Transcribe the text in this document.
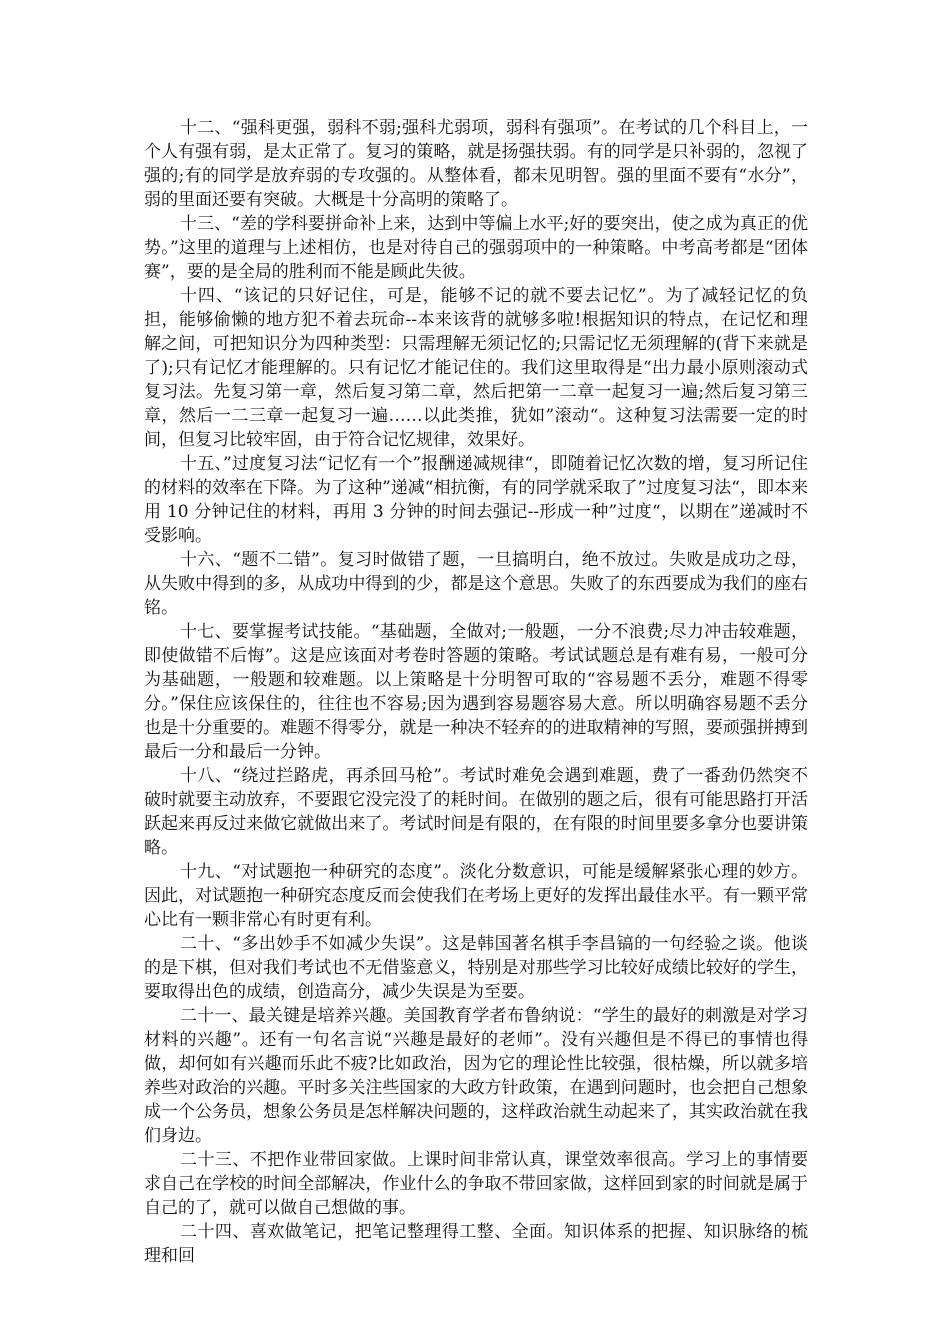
十二、“强科更强，弱科不弱;强科尤弱项，弱科有强项”。在考试的几个科目上，一个人有强有弱，是太正常了。复习的策略，就是扬强扶弱。有的同学是只补弱的，忽视了强的;有的同学是放弃弱的专攻强的。从整体看，都未见明智。强的里面不要有“水分”，弱的里面还要有突破。大概是十分高明的策略了。

十三、“差的学科要拼命补上来，达到中等偏上水平;好的要突出，使之成为真正的优势。”这里的道理与上述相仿，也是对待自己的强弱项中的一种策略。中考高考都是“团体赛”，要的是全局的胜利而不能是顾此失彼。

十四、“该记的只好记住，可是，能够不记的就不要去记忆”。为了减轻记忆的负担，能够偷懒的地方犯不着去玩命--本来该背的就够多啦!根据知识的特点，在记忆和理解之间，可把知识分为四种类型：只需理解无须记忆的;只需记忆无须理解的(背下来就是了);只有记忆才能理解的。只有记忆才能记住的。我们这里取得是“出力最小原则滚动式复习法。先复习第一章，然后复习第二章，然后把第一二章一起复习一遍;然后复习第三章，然后一二三章一起复习一遍……以此类推，犹如”滚动“。这种复习法需要一定的时间，但复习比较牢固，由于符合记忆规律，效果好。

十五、”过度复习法“记忆有一个”报酬递减规律“，即随着记忆次数的增，复习所记住的材料的效率在下降。为了这种”递减“相抗衡，有的同学就采取了”过度复习法“，即本来用 10 分钟记住的材料，再用 3 分钟的时间去强记--形成一种”过度“，以期在”递减时不受影响。

十六、“题不二错”。复习时做错了题，一旦搞明白，绝不放过。失败是成功之母，从失败中得到的多，从成功中得到的少，都是这个意思。失败了的东西要成为我们的座右铭。

十七、要掌握考试技能。“基础题，全做对;一般题，一分不浪费;尽力冲击较难题，即使做错不后悔”。这是应该面对考卷时答题的策略。考试试题总是有难有易，一般可分为基础题，一般题和较难题。以上策略是十分明智可取的“容易题不丢分，难题不得零分。”保住应该保住的，往往也不容易;因为遇到容易题容易大意。所以明确容易题不丢分也是十分重要的。难题不得零分，就是一种决不轻弃的的进取精神的写照，要顽强拼搏到最后一分和最后一分钟。

十八、“绕过拦路虎，再杀回马枪”。考试时难免会遇到难题，费了一番劲仍然突不破时就要主动放弃，不要跟它没完没了的耗时间。在做别的题之后，很有可能思路打开活跃起来再反过来做它就做出来了。考试时间是有限的，在有限的时间里要多拿分也要讲策略。

十九、“对试题抱一种研究的态度”。淡化分数意识，可能是缓解紧张心理的妙方。因此，对试题抱一种研究态度反而会使我们在考场上更好的发挥出最佳水平。有一颗平常心比有一颗非常心有时更有利。

二十、“多出妙手不如减少失误”。这是韩国著名棋手李昌镐的一句经验之谈。他谈的是下棋，但对我们考试也不无借鉴意义，特别是对那些学习比较好成绩比较好的学生，要取得出色的成绩，创造高分，减少失误是为至要。

二十一、最关键是培养兴趣。美国教育学者布鲁纳说：“学生的最好的刺激是对学习材料的兴趣”。还有一句名言说“兴趣是最好的老师”。没有兴趣但是不得已的事情也得做，却何如有兴趣而乐此不疲?比如政治，因为它的理论性比较强，很枯燥，所以就多培养些对政治的兴趣。平时多关注些国家的大政方针政策，在遇到问题时，也会把自己想象成一个公务员，想象公务员是怎样解决问题的，这样政治就生动起来了，其实政治就在我们身边。

二十三、不把作业带回家做。上课时间非常认真，课堂效率很高。学习上的事情要求自己在学校的时间全部解决，作业什么的争取不带回家做，这样回到家的时间就是属于自己的了，就可以做自己想做的事。

二十四、喜欢做笔记，把笔记整理得工整、全面。知识体系的把握、知识脉络的梳理和回
